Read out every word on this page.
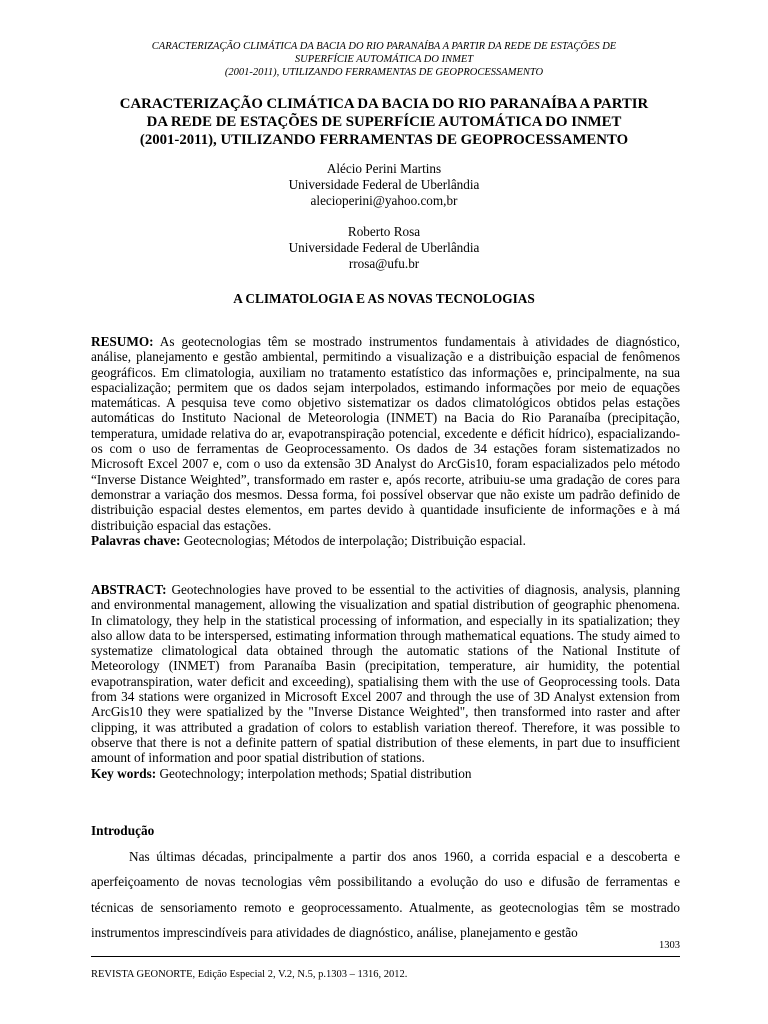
CARACTERIZAÇÃO CLIMÁTICA DA BACIA DO RIO PARANAÍBA A PARTIR DA REDE DE ESTAÇÕES DE
SUPERFÍCIE AUTOMÁTICA DO INMET
(2001-2011), UTILIZANDO FERRAMENTAS DE GEOPROCESSAMENTO
CARACTERIZAÇÃO CLIMÁTICA DA BACIA DO RIO PARANAÍBA A PARTIR
DA REDE DE ESTAÇÕES DE SUPERFÍCIE AUTOMÁTICA DO INMET
(2001-2011), UTILIZANDO FERRAMENTAS DE GEOPROCESSAMENTO
Alécio Perini Martins
Universidade Federal de Uberlândia
alecioperini@yahoo.com,br
Roberto Rosa
Universidade Federal de Uberlândia
rrosa@ufu.br
A CLIMATOLOGIA E AS NOVAS TECNOLOGIAS

RESUMO: As geotecnologias têm se mostrado instrumentos fundamentais à atividades de diagnóstico, análise, planejamento e gestão ambiental, permitindo a visualização e a distribuição espacial de fenômenos geográficos. Em climatologia, auxiliam no tratamento estatístico das informações e, principalmente, na sua espacialização; permitem que os dados sejam interpolados, estimando informações por meio de equações matemáticas. A pesquisa teve como objetivo sistematizar os dados climatológicos obtidos pelas estações automáticas do Instituto Nacional de Meteorologia (INMET) na Bacia do Rio Paranaíba (precipitação, temperatura, umidade relativa do ar, evapotranspiração potencial, excedente e déficit hídrico), espacializando-os com o uso de ferramentas de Geoprocessamento. Os dados de 34 estações foram sistematizados no Microsoft Excel 2007 e, com o uso da extensão 3D Analyst do ArcGis10, foram espacializados pelo método “Inverse Distance Weighted”, transformado em raster e, após recorte, atribuiu-se uma gradação de cores para demonstrar a variação dos mesmos. Dessa forma, foi possível observar que não existe um padrão definido de distribuição espacial destes elementos, em partes devido à quantidade insuficiente de informações e à má distribuição espacial das estações.

Palavras chave: Geotecnologias; Métodos de interpolação; Distribuição espacial.

ABSTRACT: Geotechnologies have proved to be essential to the activities of diagnosis, analysis, planning and environmental management, allowing the visualization and spatial distribution of geographic phenomena. In climatology, they help in the statistical processing of information, and especially in its spatialization; they also allow data to be interspersed, estimating information through mathematical equations. The study aimed to systematize climatological data obtained through the automatic stations of the National Institute of Meteorology (INMET) from Paranaíba Basin (precipitation, temperature, air humidity, the potential evapotranspiration, water deficit and exceeding), spatialising them with the use of Geoprocessing tools. Data from 34 stations were organized in Microsoft Excel 2007 and through the use of 3D Analyst extension from ArcGis10 they were spatialized by the "Inverse Distance Weighted", then transformed into raster and after clipping, it was attributed a gradation of colors to establish variation thereof. Therefore, it was possible to observe that there is not a definite pattern of spatial distribution of these elements, in part due to insufficient amount of information and poor spatial distribution of stations.

Key words: Geotechnology; interpolation methods; Spatial distribution

Introdução

Nas últimas décadas, principalmente a partir dos anos 1960, a corrida espacial e a descoberta e aperfeiçoamento de novas tecnologias vêm possibilitando a evolução do uso e difusão de ferramentas e técnicas de sensoriamento remoto e geoprocessamento. Atualmente, as geotecnologias têm se mostrado instrumentos imprescindíveis para atividades de diagnóstico, análise, planejamento e gestão

1303
REVISTA GEONORTE, Edição Especial 2, V.2, N.5, p.1303 – 1316, 2012.
